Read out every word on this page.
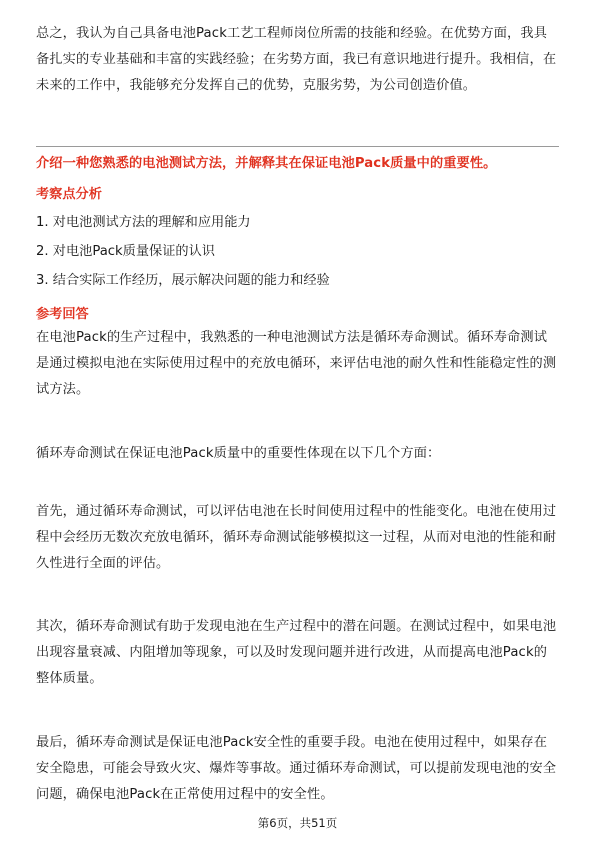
总之，我认为自己具备电池Pack工艺工程师岗位所需的技能和经验。在优势方面，我具备扎实的专业基础和丰富的实践经验；在劣势方面，我已有意识地进行提升。我相信，在未来的工作中，我能够充分发挥自己的优势，克服劣势，为公司创造价值。

介绍一种您熟悉的电池测试方法，并解释其在保证电池Pack质量中的重要性。
考察点分析
1. 对电池测试方法的理解和应用能力
2. 对电池Pack质量保证的认识
3. 结合实际工作经历，展示解决问题的能力和经验
参考回答

在电池Pack的生产过程中，我熟悉的一种电池测试方法是循环寿命测试。循环寿命测试是通过模拟电池在实际使用过程中的充放电循环，来评估电池的耐久性和性能稳定性的测试方法。

循环寿命测试在保证电池Pack质量中的重要性体现在以下几个方面：

首先，通过循环寿命测试，可以评估电池在长时间使用过程中的性能变化。电池在使用过程中会经历无数次充放电循环，循环寿命测试能够模拟这一过程，从而对电池的性能和耐久性进行全面的评估。

其次，循环寿命测试有助于发现电池在生产过程中的潜在问题。在测试过程中，如果电池出现容量衰减、内阻增加等现象，可以及时发现问题并进行改进，从而提高电池Pack的整体质量。

最后，循环寿命测试是保证电池Pack安全性的重要手段。电池在使用过程中，如果存在安全隐患，可能会导致火灾、爆炸等事故。通过循环寿命测试，可以提前发现电池的安全问题，确保电池Pack在正常使用过程中的安全性。

第6页，共51页
